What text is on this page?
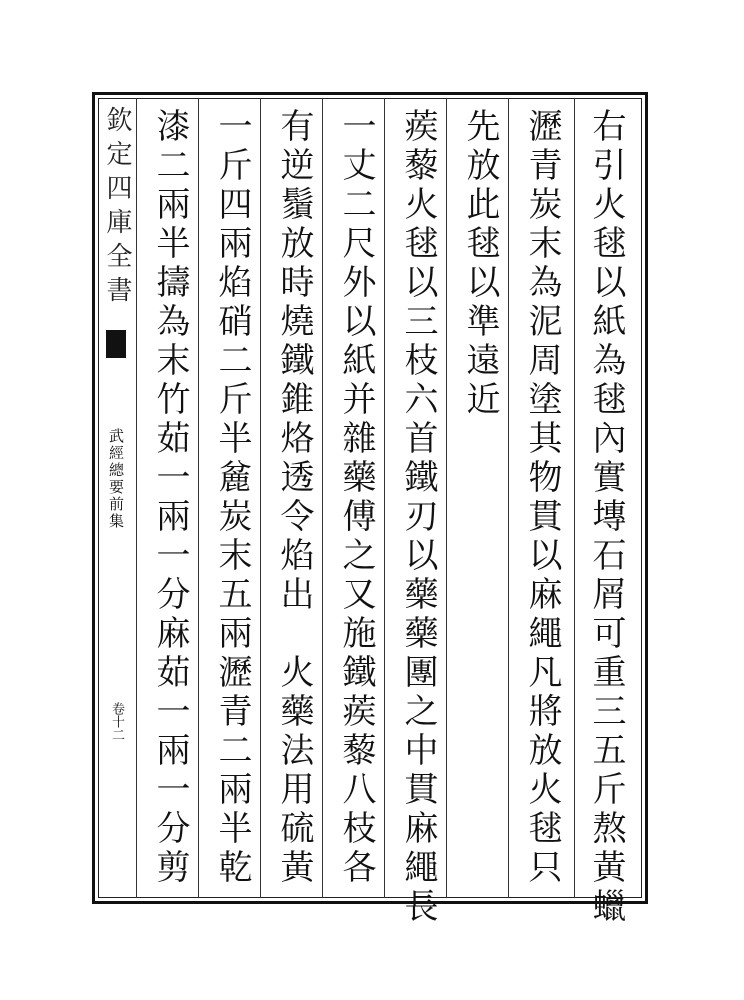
欽定四庫全書
武經總要前集
卷十二	右引火毬以紙為毬內實塼石屑可重三五斤熬黃蠟
瀝青炭末為泥周塗其物貫以麻繩凡將放火毬只
先放此毬以準遠近
蒺藜火毬以三枝六首鐵刃以藥藥團之中貫麻繩長
一丈二尺外以紙并雜藥傅之又施鐵蒺藜八枝各
有逆鬚放時燒鐵錐烙透令焰出　火藥法用硫黃
一斤四兩焰硝二斤半麄炭末五兩瀝青二兩半乾
漆二兩半擣為末竹茹一兩一分麻茹一兩一分剪
